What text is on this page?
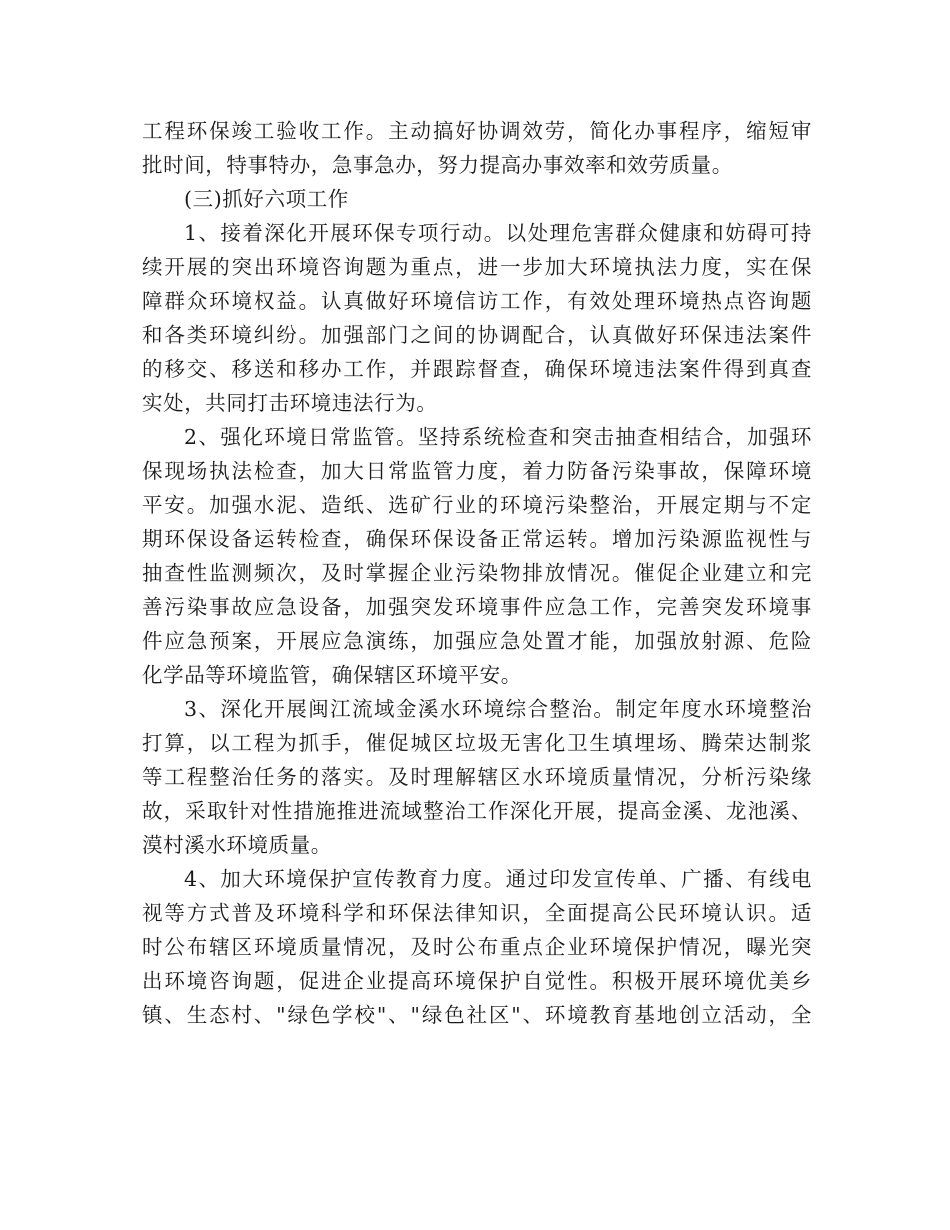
工程环保竣工验收工作。主动搞好协调效劳，简化办事程序，缩短审
批时间，特事特办，急事急办，努力提高办事效率和效劳质量。
(三)抓好六项工作
1、接着深化开展环保专项行动。以处理危害群众健康和妨碍可持
续开展的突出环境咨询题为重点，进一步加大环境执法力度，实在保
障群众环境权益。认真做好环境信访工作，有效处理环境热点咨询题
和各类环境纠纷。加强部门之间的协调配合，认真做好环保违法案件
的移交、移送和移办工作，并跟踪督查，确保环境违法案件得到真查
实处，共同打击环境违法行为。
2、强化环境日常监管。坚持系统检查和突击抽查相结合，加强环
保现场执法检查，加大日常监管力度，着力防备污染事故，保障环境
平安。加强水泥、造纸、选矿行业的环境污染整治，开展定期与不定
期环保设备运转检查，确保环保设备正常运转。增加污染源监视性与
抽查性监测频次，及时掌握企业污染物排放情况。催促企业建立和完
善污染事故应急设备，加强突发环境事件应急工作，完善突发环境事
件应急预案，开展应急演练，加强应急处置才能，加强放射源、危险
化学品等环境监管，确保辖区环境平安。
3、深化开展闽江流域金溪水环境综合整治。制定年度水环境整治
打算，以工程为抓手，催促城区垃圾无害化卫生填埋场、腾荣达制浆
等工程整治任务的落实。及时理解辖区水环境质量情况，分析污染缘
故，采取针对性措施推进流域整治工作深化开展，提高金溪、龙池溪、
漠村溪水环境质量。
4、加大环境保护宣传教育力度。通过印发宣传单、广播、有线电
视等方式普及环境科学和环保法律知识，全面提高公民环境认识。适
时公布辖区环境质量情况，及时公布重点企业环境保护情况，曝光突
出环境咨询题，促进企业提高环境保护自觉性。积极开展环境优美乡
镇、生态村、"绿色学校"、"绿色社区"、环境教育基地创立活动，全
